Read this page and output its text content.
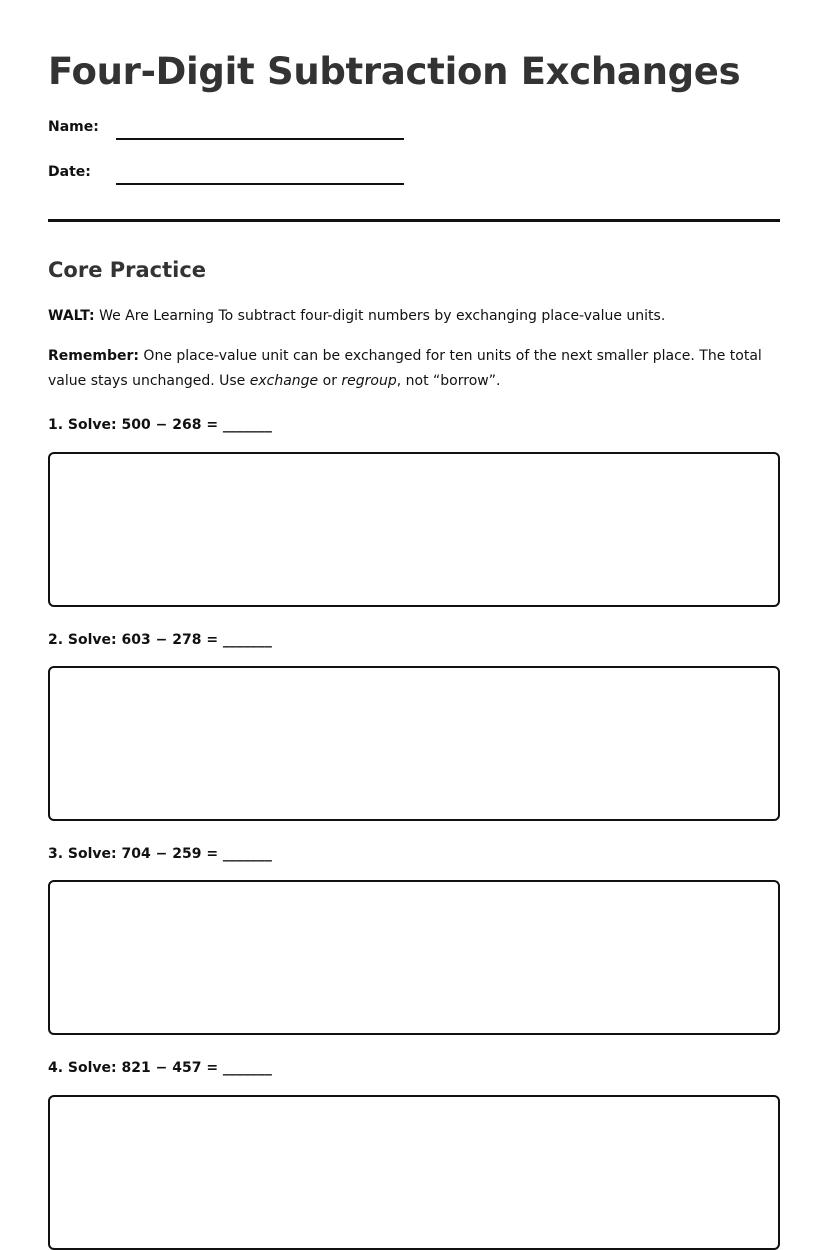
Four-Digit Subtraction Exchanges
Name:
Date:
Core Practice

WALT: We Are Learning To subtract four-digit numbers by exchanging place-value units.

Remember: One place-value unit can be exchanged for ten units of the next smaller place. The total value stays unchanged. Use exchange or regroup, not “borrow”.

1. Solve: 500 − 268 = _______
2. Solve: 603 − 278 = _______
3. Solve: 704 − 259 = _______
4. Solve: 821 − 457 = _______
